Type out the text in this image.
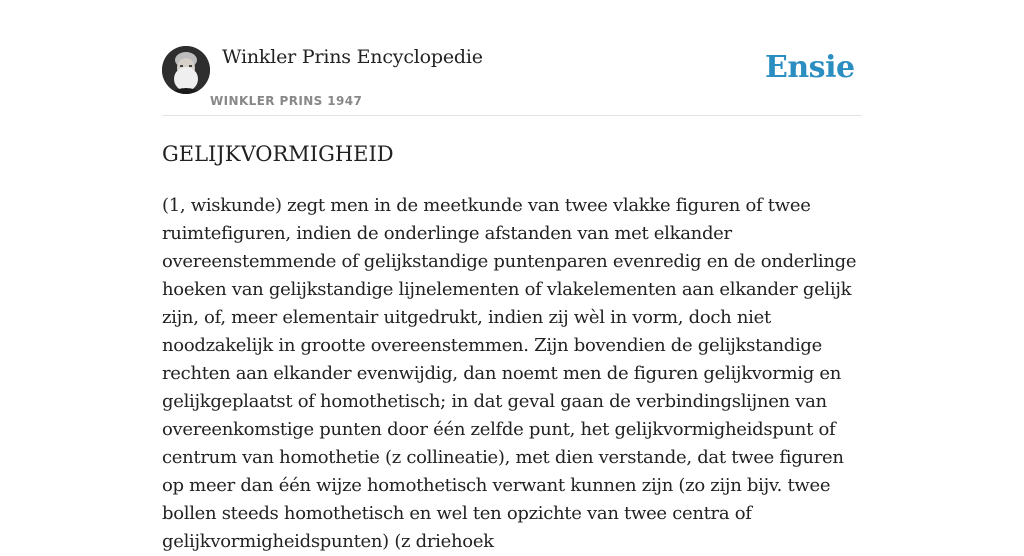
Winkler Prins Encyclopedie
WINKLER PRINS 1947
Ensie
GELIJKVORMIGHEID

(1, wiskunde) zegt men in de meetkunde van twee vlakke figuren of twee ruimtefiguren, indien de onderlinge afstanden van met elkander overeenstemmende of gelijkstandige puntenparen evenredig en de onderlinge hoeken van gelijkstandige lijnelementen of vlakelementen aan elkander gelijk zijn, of, meer elementair uitgedrukt, indien zij wèl in vorm, doch niet noodzakelijk in grootte overeenstemmen. Zijn bovendien de gelijkstandige rechten aan elkander evenwijdig, dan noemt men de figuren gelijkvormig en gelijkgeplaatst of homothetisch; in dat geval gaan de verbindingslijnen van overeenkomstige punten door één zelfde punt, het gelijkvormigheidspunt of centrum van homothetie (z collineatie), met dien verstande, dat twee figuren op meer dan één wijze homothetisch verwant kunnen zijn (zo zijn bijv. twee bollen steeds homothetisch en wel ten opzichte van twee centra of gelijkvormigheidspunten) (z driehoek
